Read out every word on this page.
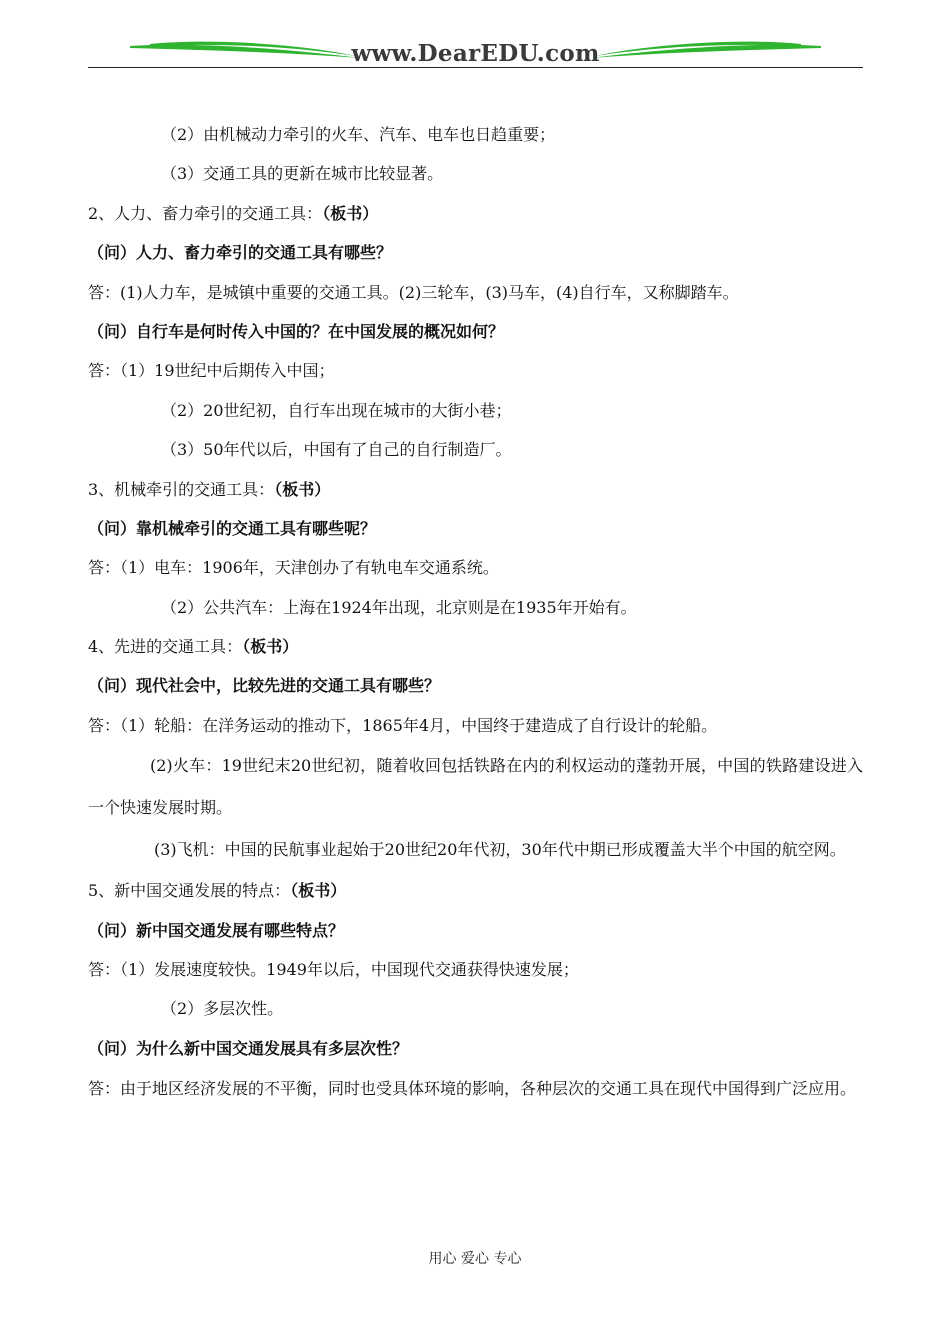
www.DearEDU.com
（2）由机械动力牵引的火车、汽车、电车也日趋重要；
（3）交通工具的更新在城市比较显著。
2、人力、畜力牵引的交通工具：（板书）
（问）人力、畜力牵引的交通工具有哪些？
答：(1)人力车，是城镇中重要的交通工具。(2)三轮车，(3)马车，(4)自行车，又称脚踏车。
（问）自行车是何时传入中国的？在中国发展的概况如何？
答：（1）19世纪中后期传入中国；
（2）20世纪初，自行车出现在城市的大街小巷；
（3）50年代以后，中国有了自己的自行制造厂。
3、机械牵引的交通工具：（板书）
（问）靠机械牵引的交通工具有哪些呢？
答：（1）电车：1906年，天津创办了有轨电车交通系统。
（2）公共汽车：上海在1924年出现，北京则是在1935年开始有。
4、先进的交通工具：（板书）
（问）现代社会中，比较先进的交通工具有哪些？
答：（1）轮船：在洋务运动的推动下，1865年4月，中国终于建造成了自行设计的轮船。
(2)火车：19世纪末20世纪初，随着收回包括铁路在内的利权运动的蓬勃开展，中国的铁路建设进入一个快速发展时期。
(3)飞机：中国的民航事业起始于20世纪20年代初，30年代中期已形成覆盖大半个中国的航空网。
5、新中国交通发展的特点：（板书）
（问）新中国交通发展有哪些特点？
答：（1）发展速度较快。1949年以后，中国现代交通获得快速发展；
（2）多层次性。
（问）为什么新中国交通发展具有多层次性？
答：由于地区经济发展的不平衡，同时也受具体环境的影响，各种层次的交通工具在现代中国得到广泛应用。
用心 爱心 专心
